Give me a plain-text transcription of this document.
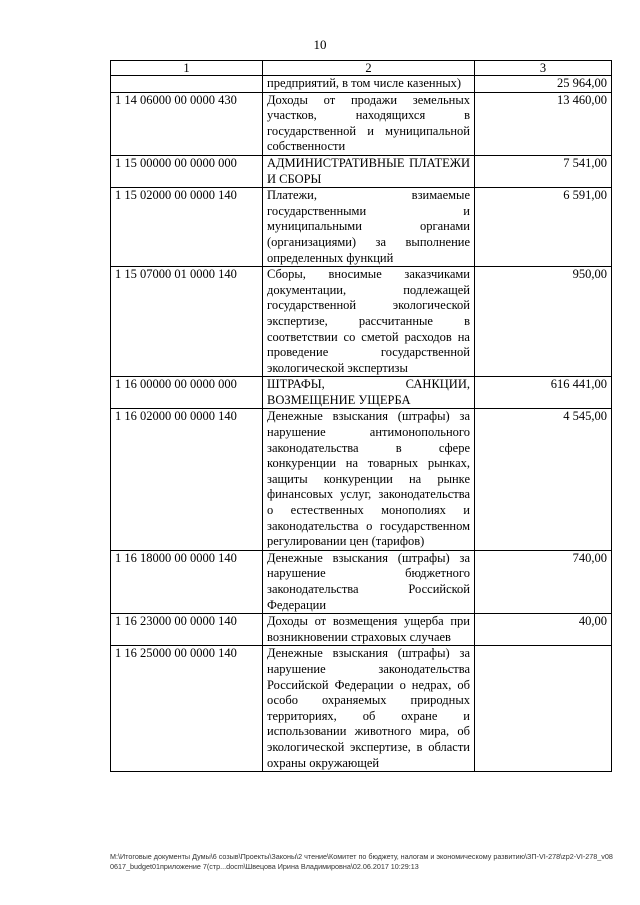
10
1	2	3
	предприятий, в том числе казенных)	25 964,00
1 14 06000 00 0000 430	Доходы от продажи земельных участков, находящихся в государственной и муниципальной собственности	13 460,00
1 15 00000 00 0000 000	АДМИНИСТРАТИВНЫЕ ПЛАТЕЖИ И СБОРЫ	7 541,00
1 15 02000 00 0000 140	Платежи, взимаемые государственными и муниципальными органами (организациями) за выполнение определенных функций	6 591,00
1 15 07000 01 0000 140	Сборы, вносимые заказчиками документации, подлежащей государственной экологической экспертизе, рассчитанные в соответствии со сметой расходов на проведение государственной экологической экспертизы	950,00
1 16 00000 00 0000 000	ШТРАФЫ, САНКЦИИ, ВОЗМЕЩЕНИЕ УЩЕРБА	616 441,00
1 16 02000 00 0000 140	Денежные взыскания (штрафы) за нарушение антимонопольного законодательства в сфере конкуренции на товарных рынках, защиты конкуренции на рынке финансовых услуг, законодательства о естественных монополиях и законодательства о государственном регулировании цен (тарифов)	4 545,00
1 16 18000 00 0000 140	Денежные взыскания (штрафы) за нарушение бюджетного законодательства Российской Федерации	740,00
1 16 23000 00 0000 140	Доходы от возмещения ущерба при возникновении страховых случаев	40,00
1 16 25000 00 0000 140	Денежные взыскания (штрафы) за нарушение законодательства Российской Федерации о недрах, об особо охраняемых природных территориях, об охране и использовании животного мира, об экологической экспертизе, в области охраны окружающей	
М:\Итоговые документы Думы\6 созыв\Проекты\Законы\2 чтение\Комитет по бюджету, налогам и экономическому развитию\ЗП-VI-278\zp2-VI-278_v080617_budget01приложение 7(стр...docm\Швецова Ирина Владимировна\02.06.2017 10:29:13
